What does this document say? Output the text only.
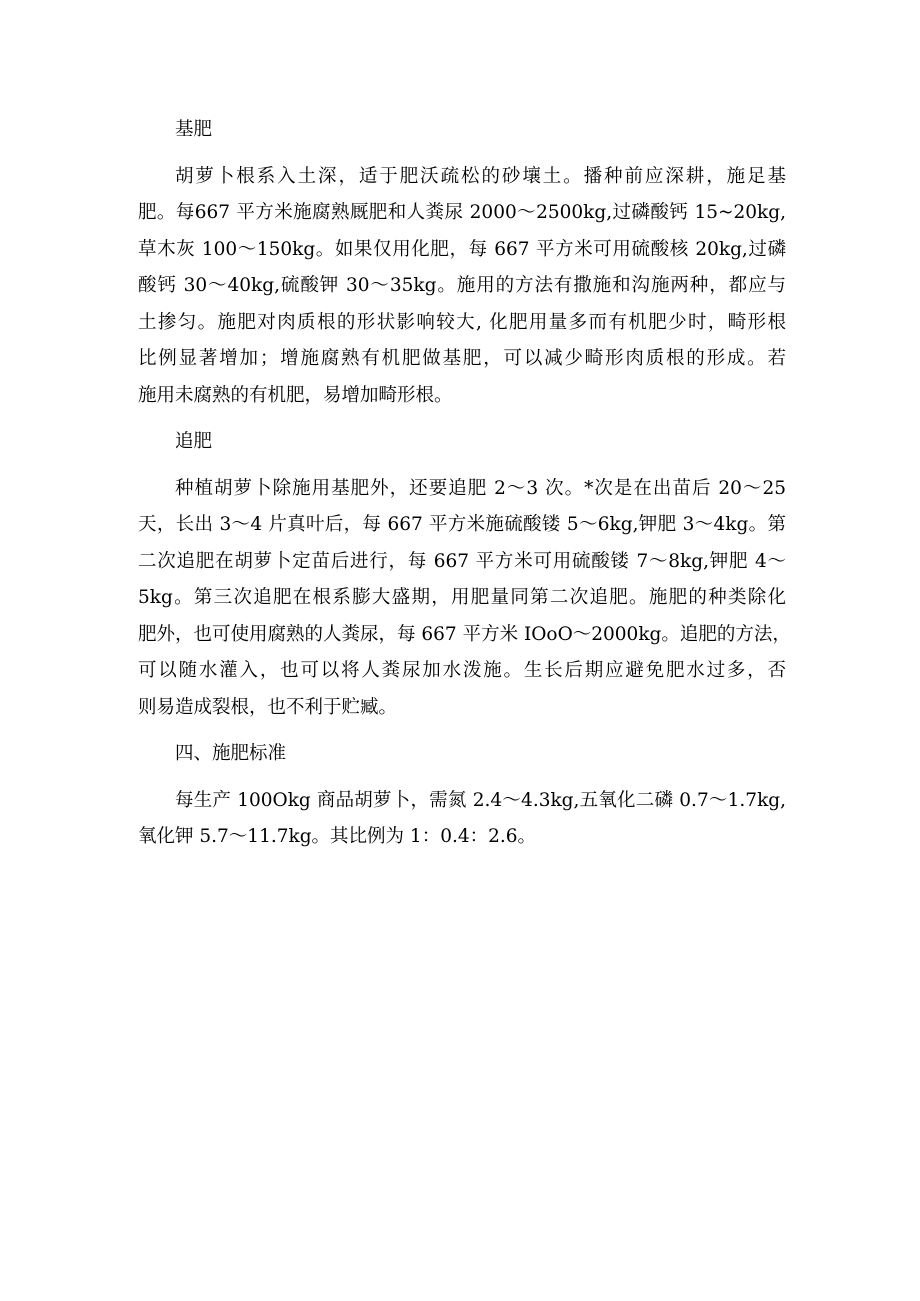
基肥

胡萝卜根系入土深，适于肥沃疏松的砂壤土。播种前应深耕，施足基
肥。每667 平方米施腐熟厩肥和人粪尿 2000～2500kg,过磷酸钙 15~20kg,
草木灰 100～150kg。如果仅用化肥，每 667 平方米可用硫酸核 20kg,过磷
酸钙 30～40kg,硫酸钾 30～35kg。施用的方法有撒施和沟施两种，都应与
土掺匀。施肥对肉质根的形状影响较大, 化肥用量多而有机肥少时，畸形根
比例显著增加；增施腐熟有机肥做基肥，可以减少畸形肉质根的形成。若
施用未腐熟的有机肥，易增加畸形根。

追肥

种植胡萝卜除施用基肥外，还要追肥 2～3 次。*次是在出苗后 20～25
天，长出 3～4 片真叶后，每 667 平方米施硫酸镂 5～6kg,钾肥 3～4kg。第
二次追肥在胡萝卜定苗后进行，每 667 平方米可用硫酸镂 7～8kg,钾肥 4～
5kg。第三次追肥在根系膨大盛期，用肥量同第二次追肥。施肥的种类除化
肥外，也可使用腐熟的人粪尿，每 667 平方米 IOoO～2000kg。追肥的方法，
可以随水灌入，也可以将人粪尿加水泼施。生长后期应避免肥水过多，否
则易造成裂根，也不利于贮臧。

四、施肥标准

每生产 100Okg 商品胡萝卜，需氮 2.4～4.3kg,五氧化二磷 0.7～1.7kg,
氧化钾 5.7～11.7kg。其比例为 1：0.4：2.6。
